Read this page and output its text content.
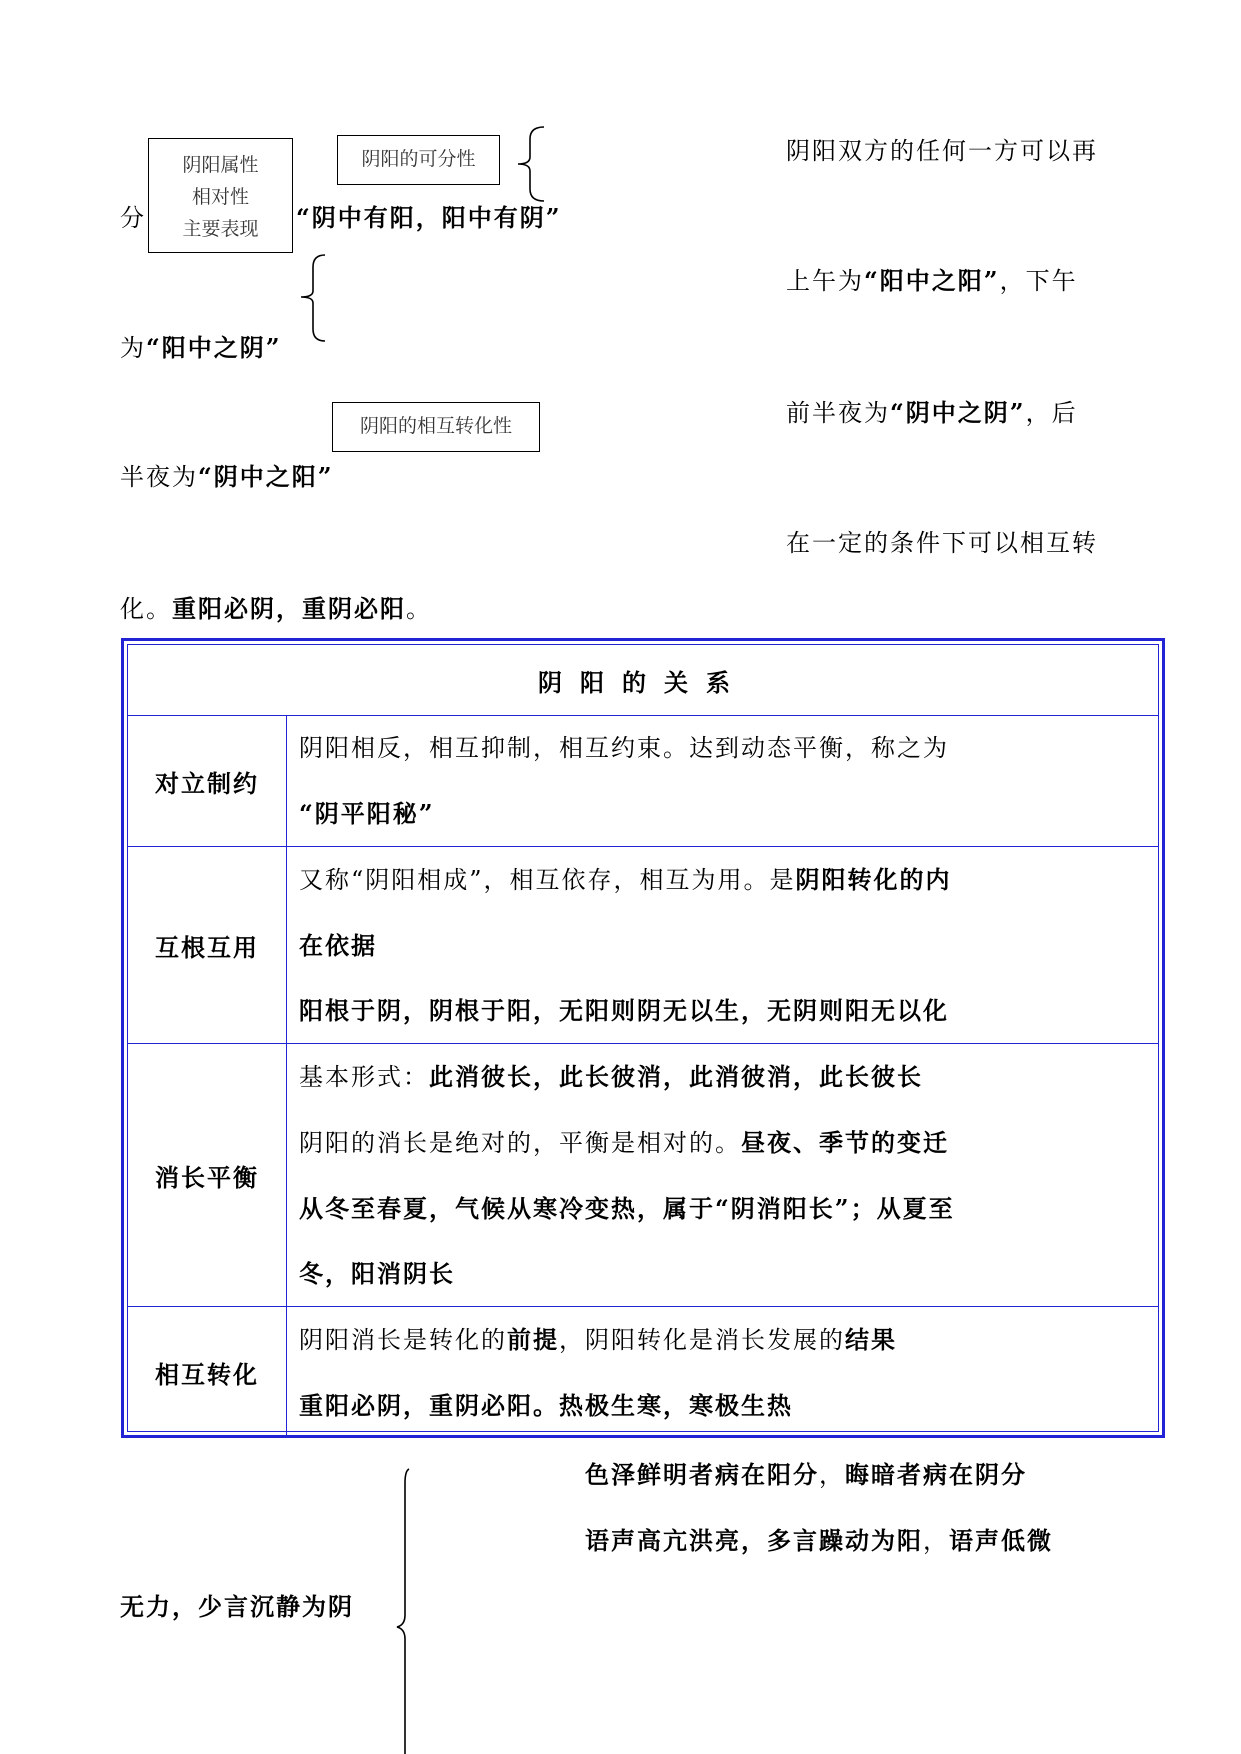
阴阳属性
相对性
主要表现
阴阳的可分性	阴阳双方的任何一方可以再
分	“阴中有阳，阳中有阴”
上午为“阳中之阳”，下午
为“阳中之阴”
阴阳的相互转化性	前半夜为“阴中之阴”，后
半夜为“阴中之阳”
在一定的条件下可以相互转
化。重阳必阴，重阴必阳。
阴阳的关系	
对立制约	阴阳相反，相互抑制，相互约束。达到动态平衡，称之为
“阴平阳秘”

互根互用	又称“阴阳相成”，相互依存，相互为用。是阴阳转化的内
在依据
阳根于阴，阴根于阳，无阳则阴无以生，无阴则阳无以化

消长平衡	基本形式：此消彼长，此长彼消，此消彼消，此长彼长
阴阳的消长是绝对的，平衡是相对的。昼夜、季节的变迁
从冬至春夏，气候从寒冷变热，属于“阴消阳长”；从夏至
冬，阳消阴长

相互转化	阴阳消长是转化的前提，阴阳转化是消长发展的结果
重阳必阴，重阴必阳。热极生寒，寒极生热
色泽鲜明者病在阳分，晦暗者病在阴分
语声高亢洪亮，多言躁动为阳，语声低微
无力，少言沉静为阴
